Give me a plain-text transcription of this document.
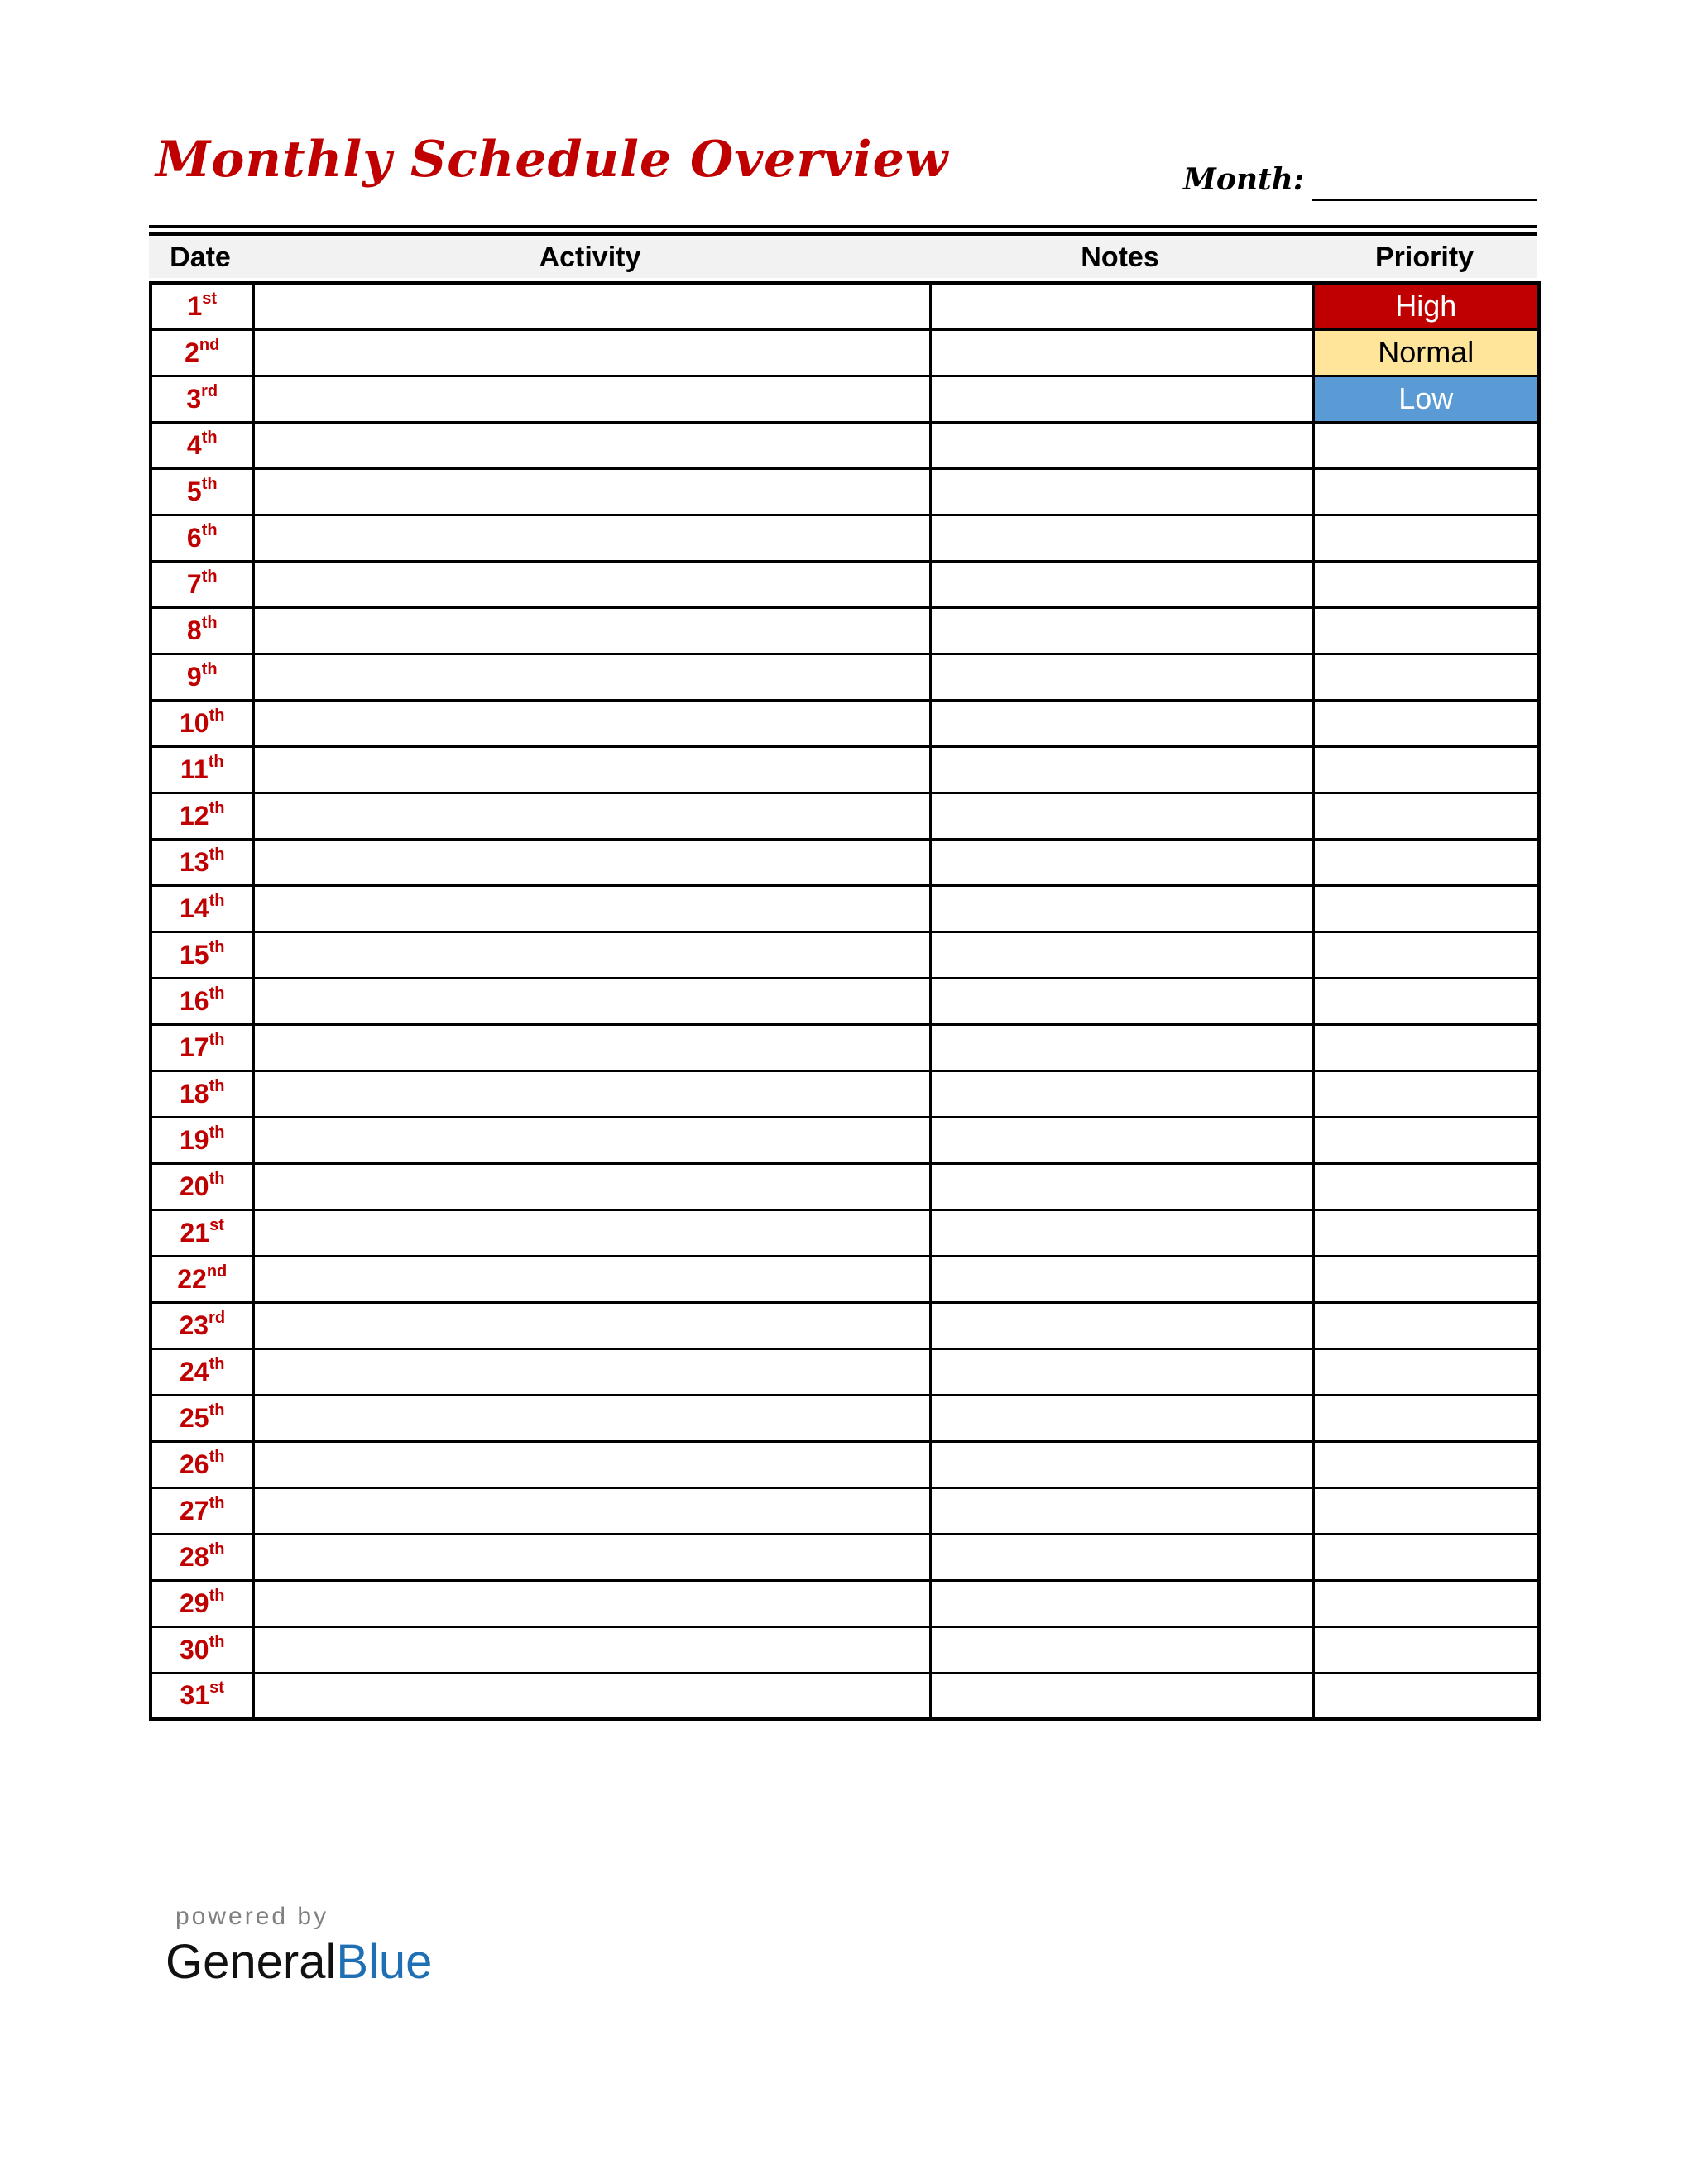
Monthly Schedule Overview	Month:
Date	Activity	Notes	Priority
1st			High
2nd			Normal
3rd			Low
4th			
5th			
6th			
7th			
8th			
9th			
10th			
11th			
12th			
13th			
14th			
15th			
16th			
17th			
18th			
19th			
20th			
21st			
22nd			
23rd			
24th			
25th			
26th			
27th			
28th			
29th			
30th			
31st			
powered by
GeneralBlue
